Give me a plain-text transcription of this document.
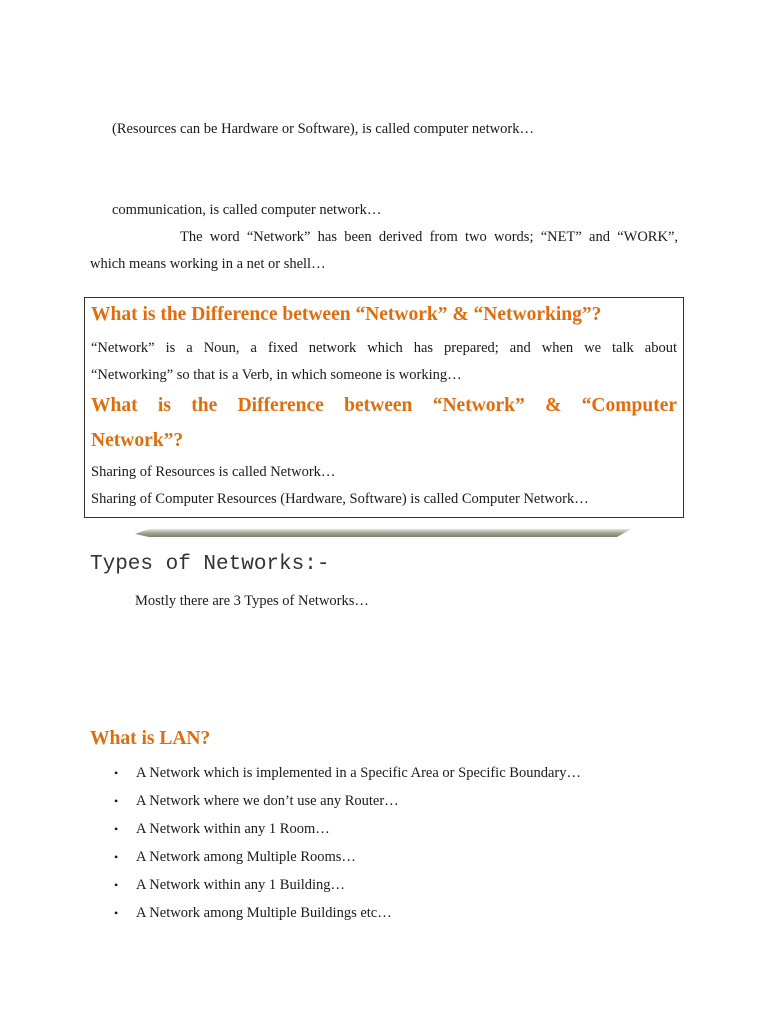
(Resources can be Hardware or Software), is called computer network…
communication, is called computer network…
The word “Network” has been derived from two words; “NET” and “WORK”,
which means working in a net or shell…
What is the Difference between “Network” & “Networking”?
“Network” is a Noun, a fixed network which has prepared; and when we talk about
“Networking” so that is a Verb, in which someone is working…
What is the Difference between “Network” & “Computer
Network”?
Sharing of Resources is called Network…
Sharing of Computer Resources (Hardware, Software) is called Computer Network…
Types of Networks:-
Mostly there are 3 Types of Networks…
What is LAN?
• A Network which is implemented in a Specific Area or Specific Boundary…
• A Network where we don’t use any Router…
• A Network within any 1 Room…
• A Network among Multiple Rooms…
• A Network within any 1 Building…
• A Network among Multiple Buildings etc…
